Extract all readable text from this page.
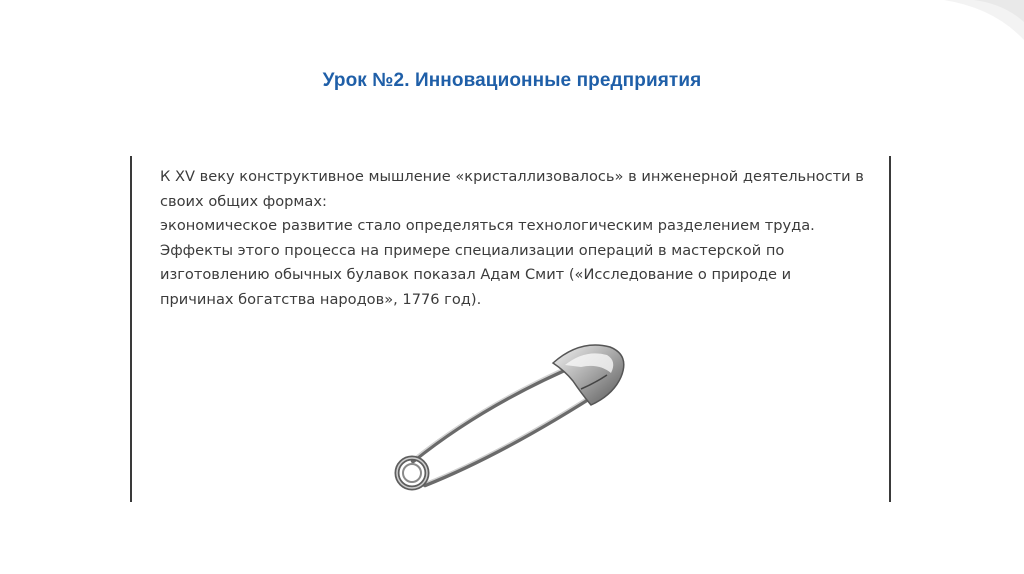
Урок №2. Инновационные предприятия
К XV веку конструктивное мышление «кристаллизовалось» в инженерной деятельности в
своих общих формах:
экономическое развитие стало определяться технологическим разделением труда.
Эффекты этого процесса на примере специализации операций в мастерской по
изготовлению обычных булавок показал Адам Смит («Исследование о природе и
причинах богатства народов», 1776 год).
